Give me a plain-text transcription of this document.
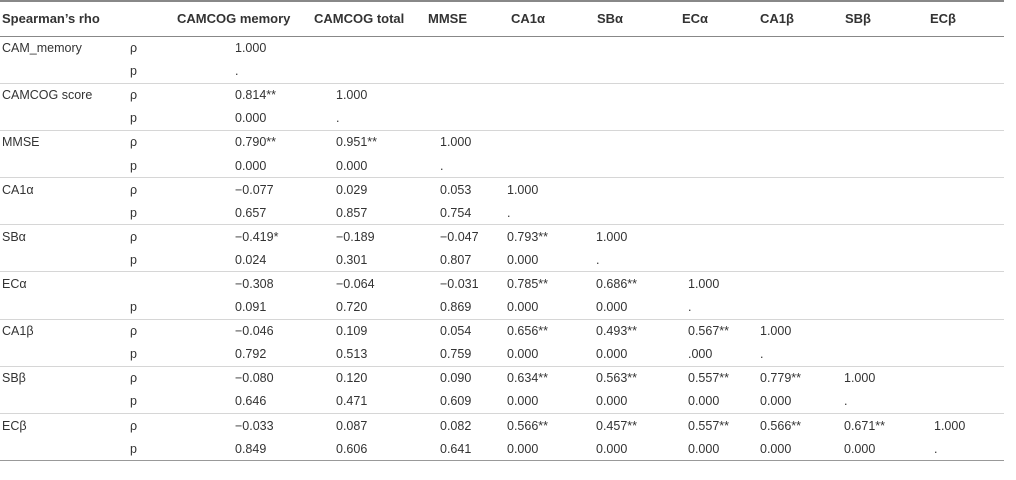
Spearman’s rho		CAMCOG memory	CAMCOG total	MMSE	CA1α	SBα	ECα	CA1β	SBβ	ECβ
CAM_memory	ρ	1.000								
	p	.								
CAMCOG score	ρ	0.814**	1.000							
	p	0.000	.							
MMSE	ρ	0.790**	0.951**	1.000						
	p	0.000	0.000	.						
CA1α	ρ	−0.077	0.029	0.053	1.000					
	p	0.657	0.857	0.754	.					
SBα	ρ	−0.419*	−0.189	−0.047	0.793**	1.000				
	p	0.024	0.301	0.807	0.000	.				
ECα		−0.308	−0.064	−0.031	0.785**	0.686**	1.000			
	p	0.091	0.720	0.869	0.000	0.000	.			
CA1β	ρ	−0.046	0.109	0.054	0.656**	0.493**	0.567**	1.000		
	p	0.792	0.513	0.759	0.000	0.000	.000	.		
SBβ	ρ	−0.080	0.120	0.090	0.634**	0.563**	0.557**	0.779**	1.000	
	p	0.646	0.471	0.609	0.000	0.000	0.000	0.000	.	
ECβ	ρ	−0.033	0.087	0.082	0.566**	0.457**	0.557**	0.566**	0.671**	1.000
	p	0.849	0.606	0.641	0.000	0.000	0.000	0.000	0.000	.
